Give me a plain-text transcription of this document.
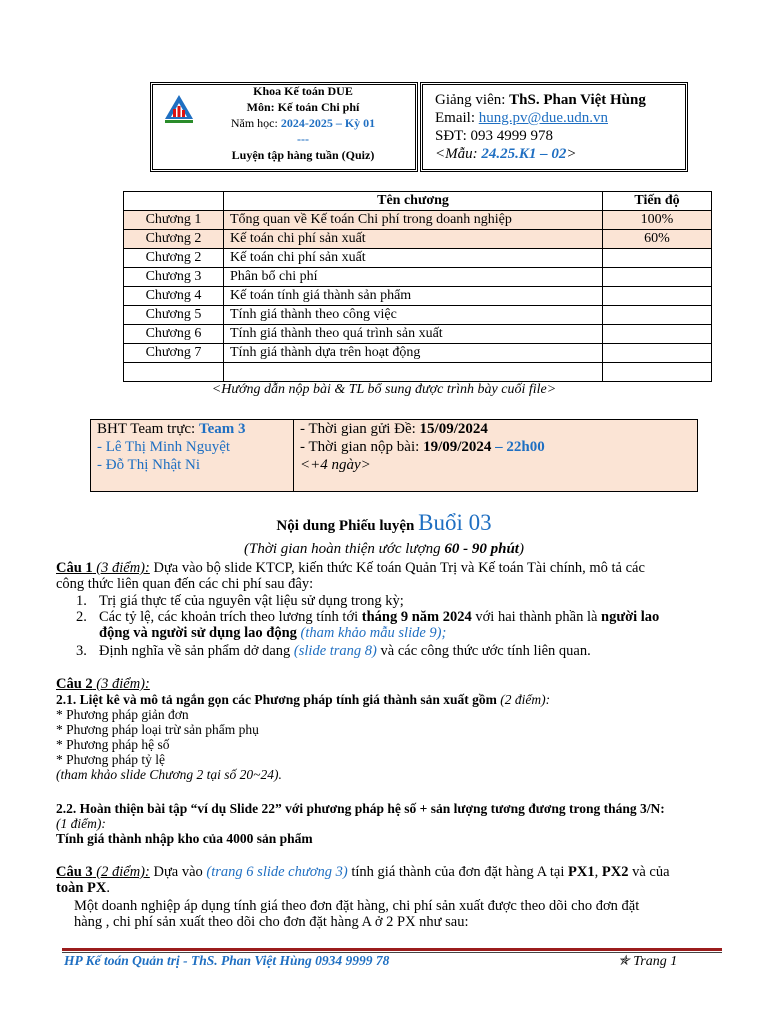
Khoa Kế toán DUE
Môn: Kế toán Chi phí
Năm học: 2024-2025 – Kỳ 01
---
Luyện tập hàng tuần (Quiz)
Giảng viên: ThS. Phan Việt Hùng
Email: hung.pv@due.udn.vn
SĐT: 093 4999 978
<Mẫu: 24.25.K1 – 02>
	Tên chương	Tiến độ
Chương 1	Tổng quan về Kế toán Chi phí trong doanh nghiệp	100%
Chương 2	Kế toán chi phí sản xuất	60%
Chương 2	Kế toán chi phí sản xuất	
Chương 3	Phân bổ chi phí	
Chương 4	Kế toán tính giá thành sản phẩm	
Chương 5	Tính giá thành theo công việc	
Chương 6	Tính giá thành theo quá trình sản xuất	
Chương 7	Tính giá thành dựa trên hoạt động	

<Hướng dẫn nộp bài & TL bổ sung được trình bày cuối file>
BHT Team trực: Team 3
- Lê Thị Minh Nguyệt
- Đỗ Thị Nhật Ni
- Thời gian gửi Đề: 15/09/2024
- Thời gian nộp bài: 19/09/2024 – 22h00
<+4 ngày>
Nội dung Phiếu luyện Buổi 03
(Thời gian hoàn thiện ước lượng 60 - 90 phút)
Câu 1 (3 điểm): Dựa vào bộ slide KTCP, kiến thức Kế toán Quản Trị và Kế toán Tài chính, mô tả các
công thức liên quan đến các chi phí sau đây:
1. Trị giá thực tế của nguyên vật liệu sử dụng trong kỳ;
2. Các tỷ lệ, các khoản trích theo lương tính tới tháng 9 năm 2024 với hai thành phần là người lao
động và người sử dụng lao động (tham khảo mẫu slide 9);
3. Định nghĩa về sản phẩm dở dang (slide trang 8) và các công thức ước tính liên quan.
Câu 2 (3 điểm):
2.1. Liệt kê và mô tả ngắn gọn các Phương pháp tính giá thành sản xuất gồm (2 điểm):
* Phương pháp giản đơn
* Phương pháp loại trừ sản phẩm phụ
* Phương pháp hệ số
* Phương pháp tỷ lệ
(tham khảo slide Chương 2 tại số 20~24).
2.2. Hoàn thiện bài tập “ví dụ Slide 22” với phương pháp hệ số + sản lượng tương đương trong tháng 3/N:
(1 điểm):
Tính giá thành nhập kho của 4000 sản phẩm
Câu 3 (2 điểm): Dựa vào (trang 6 slide chương 3) tính giá thành của đơn đặt hàng A tại PX1, PX2 và của
toàn PX.
Một doanh nghiệp áp dụng tính giá theo đơn đặt hàng, chi phí sản xuất được theo dõi cho đơn đặt
hàng , chi phí sản xuất theo dõi cho đơn đặt hàng A ở 2 PX như sau:
HP Kế toán Quản trị - ThS. Phan Việt Hùng 0934 9999 78	✯ Trang 1
